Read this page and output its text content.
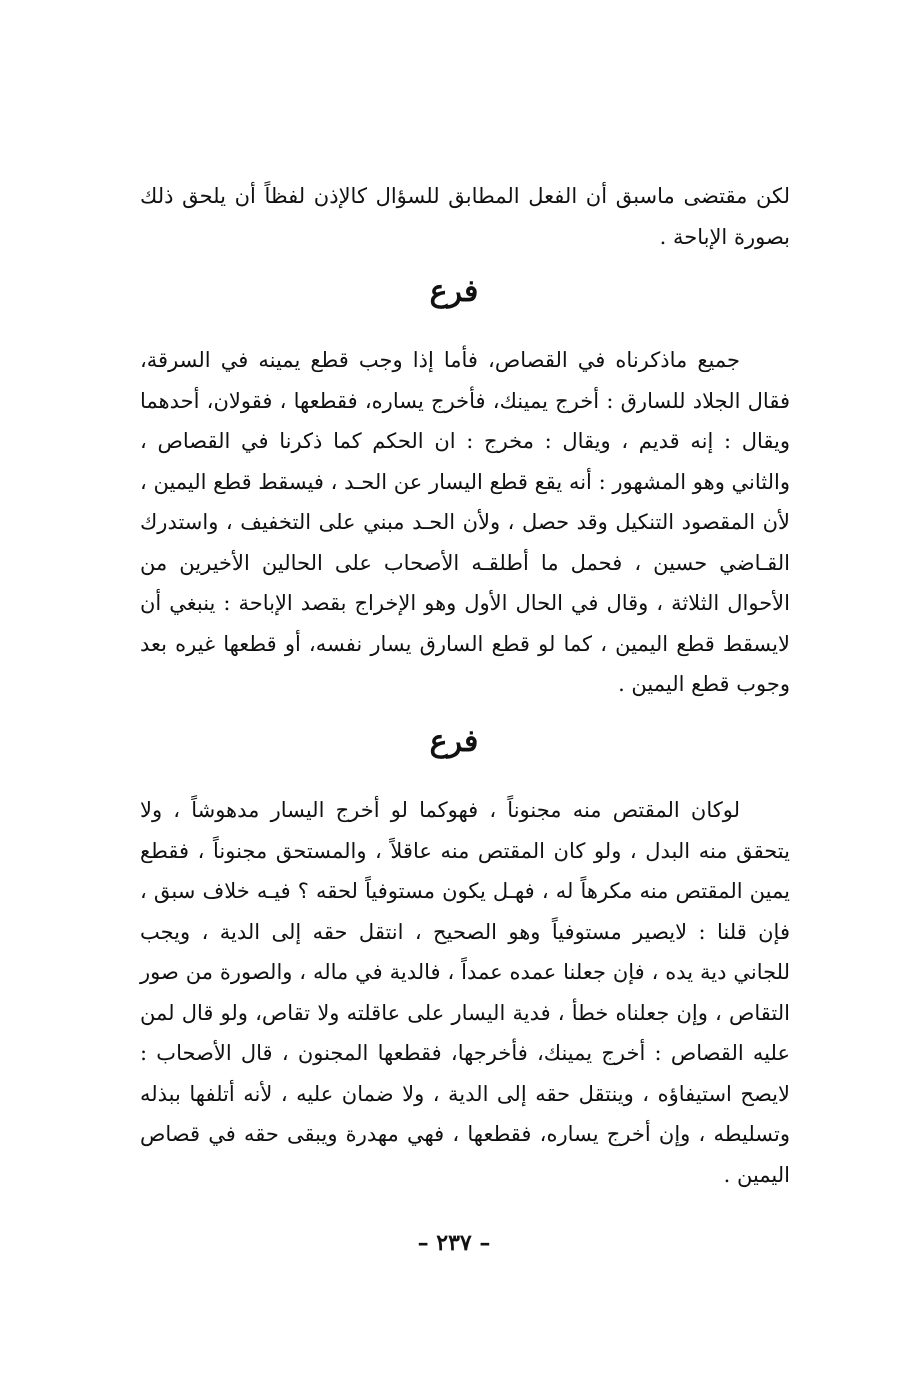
لكن مقتضى ماسبق أن الفعل المطابق للسؤال كالإذن لفظاً أن يلحق ذلك بصورة الإباحة .

فرع

جميع ماذكرناه في القصاص، فأما إذا وجب قطع يمينه في السرقة، فقال الجلاد للسارق : أخرج يمينك، فأخرج يساره، فقطعها ، فقولان، أحدهما ويقال : إنه قديم ، ويقال : مخرج : ان الحكم كما ذكرنا في القصاص ، والثاني وهو المشهور : أنه يقع قطع اليسار عن الحـد ، فيسقط قطع اليمين ، لأن المقصود التنكيل وقد حصل ، ولأن الحـد مبني على التخفيف ، واستدرك القـاضي حسين ، فحمل ما أطلقـه الأصحاب على الحالين الأخيرين من الأحوال الثلاثة ، وقال في الحال الأول وهو الإخراج بقصد الإباحة : ينبغي أن لايسقط قطع اليمين ، كما لو قطع السارق يسار نفسه، أو قطعها غيره بعد وجوب قطع اليمين .

فرع

لوكان المقتص منه مجنوناً ، فهوكما لو أخرج اليسار مدهوشاً ، ولا يتحقق منه البدل ، ولو كان المقتص منه عاقلاً ، والمستحق مجنوناً ، فقطع يمين المقتص منه مكرهاً له ، فهـل يكون مستوفياً لحقه ؟ فيـه خلاف سبق ، فإن قلنا : لايصير مستوفياً وهو الصحيح ، انتقل حقه إلى الدية ، ويجب للجاني دية يده ، فإن جعلنا عمده عمداً ، فالدية في ماله ، والصورة من صور التقاص ، وإن جعلناه خطأ ، فدية اليسار على عاقلته ولا تقاص، ولو قال لمن عليه القصاص : أخرج يمينك، فأخرجها، فقطعها المجنون ، قال الأصحاب : لايصح استيفاؤه ، وينتقل حقه إلى الدية ، ولا ضمان عليه ، لأنه أتلفها ببذله وتسليطه ، وإن أخرج يساره، فقطعها ، فهي مهدرة ويبقى حقه في قصاص اليمين .

– ٢٣٧ –
